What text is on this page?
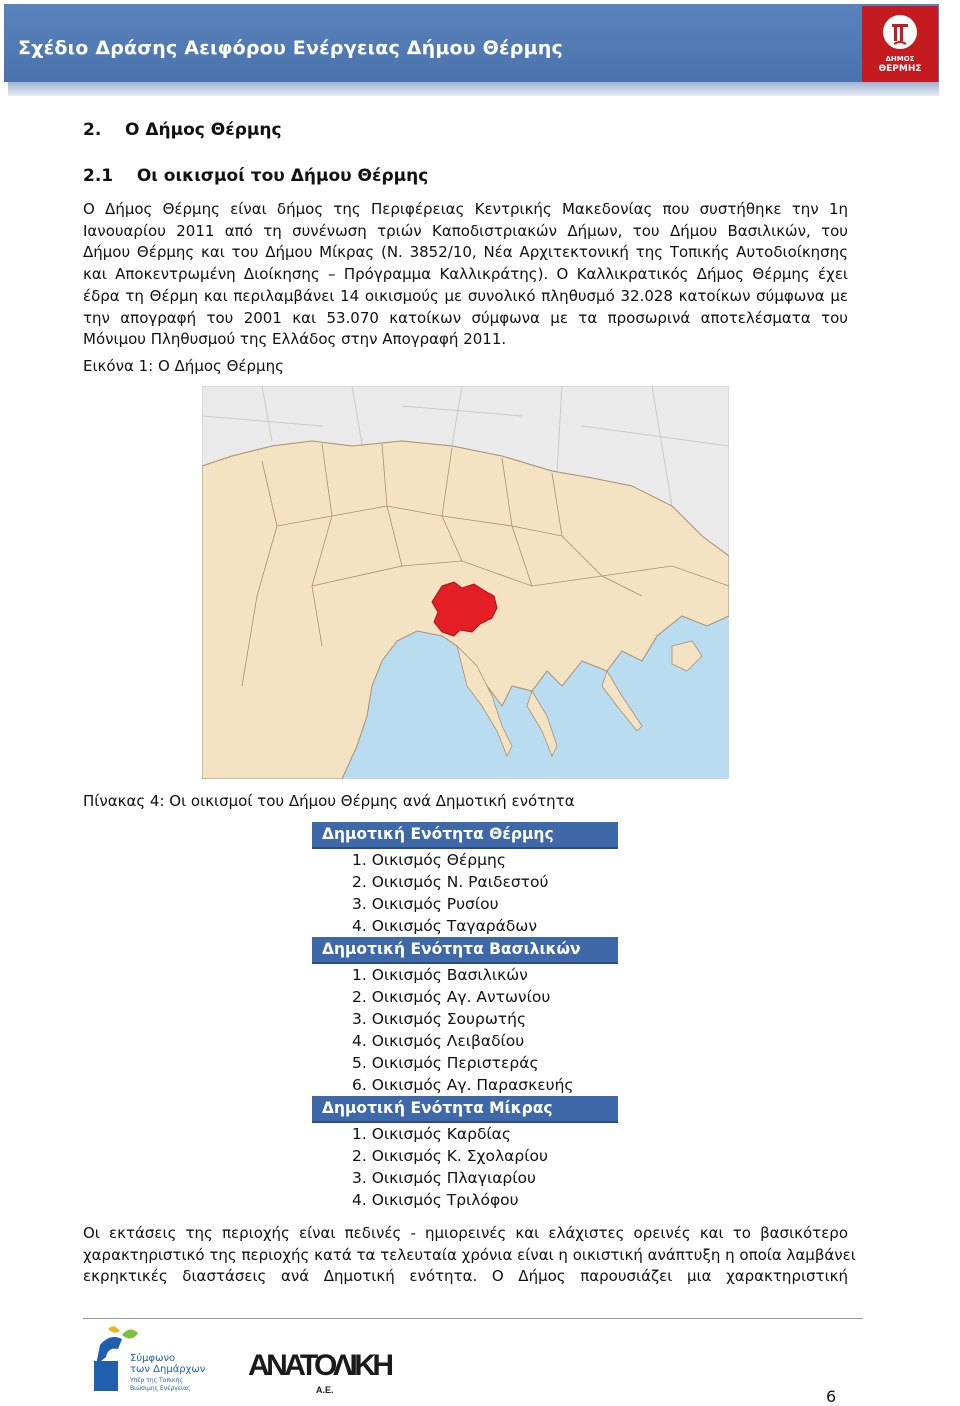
Σχέδιο Δράσης Αειφόρου Ενέργειας Δήμου Θέρμης	ΔΗΜΟΣ
ΘΕΡΜΗΣ
2. Ο Δήμος Θέρμης
2.1 Οι οικισμοί του Δήμου Θέρμης
Ο Δήμος Θέρμης είναι δήμος της Περιφέρειας Κεντρικής Μακεδονίας που συστήθηκε την 1η
Ιανουαρίου 2011 από τη συνένωση τριών Καποδιστριακών Δήμων, του Δήμου Βασιλικών, του
Δήμου Θέρμης και του Δήμου Μίκρας (Ν. 3852/10, Νέα Αρχιτεκτονική της Τοπικής Αυτοδιοίκησης
και Αποκεντρωμένη Διοίκησης – Πρόγραμμα Καλλικράτης). Ο Καλλικρατικός Δήμος Θέρμης έχει
έδρα τη Θέρμη και περιλαμβάνει 14 οικισμούς με συνολικό πληθυσμό 32.028 κατοίκων σύμφωνα με
την απογραφή του 2001 και 53.070 κατοίκων σύμφωνα με τα προσωρινά αποτελέσματα του
Μόνιμου Πληθυσμού της Ελλάδος στην Απογραφή 2011.
Εικόνα 1: Ο Δήμος Θέρμης
Πίνακας 4: Οι οικισμοί του Δήμου Θέρμης ανά Δημοτική ενότητα
Δημοτική Ενότητα Θέρμης
1. Οικισμός Θέρμης
2. Οικισμός Ν. Ραιδεστού
3. Οικισμός Ρυσίου
4. Οικισμός Ταγαράδων
Δημοτική Ενότητα Βασιλικών
1. Οικισμός Βασιλικών
2. Οικισμός Αγ. Αντωνίου
3. Οικισμός Σουρωτής
4. Οικισμός Λειβαδίου
5. Οικισμός Περιστεράς
6. Οικισμός Αγ. Παρασκευής
Δημοτική Ενότητα Μίκρας
1. Οικισμός Καρδίας
2. Οικισμός Κ. Σχολαρίου
3. Οικισμός Πλαγιαρίου
4. Οικισμός Τριλόφου
Οι εκτάσεις της περιοχής είναι πεδινές - ημιορεινές και ελάχιστες ορεινές και το βασικότερο
χαρακτηριστικό της περιοχής κατά τα τελευταία χρόνια είναι η οικιστική ανάπτυξη η οποία λαμβάνει
εκρηκτικές διαστάσεις ανά Δημοτική ενότητα. Ο Δήμος παρουσιάζει μια χαρακτηριστική
Σύμφωνο
των Δημάρχων
Υπέρ της Τοπικής
Βιώσιμης Ενέργειας
ΑΝΑΤΟΛΙΚΗ
Α.Ε.	6
